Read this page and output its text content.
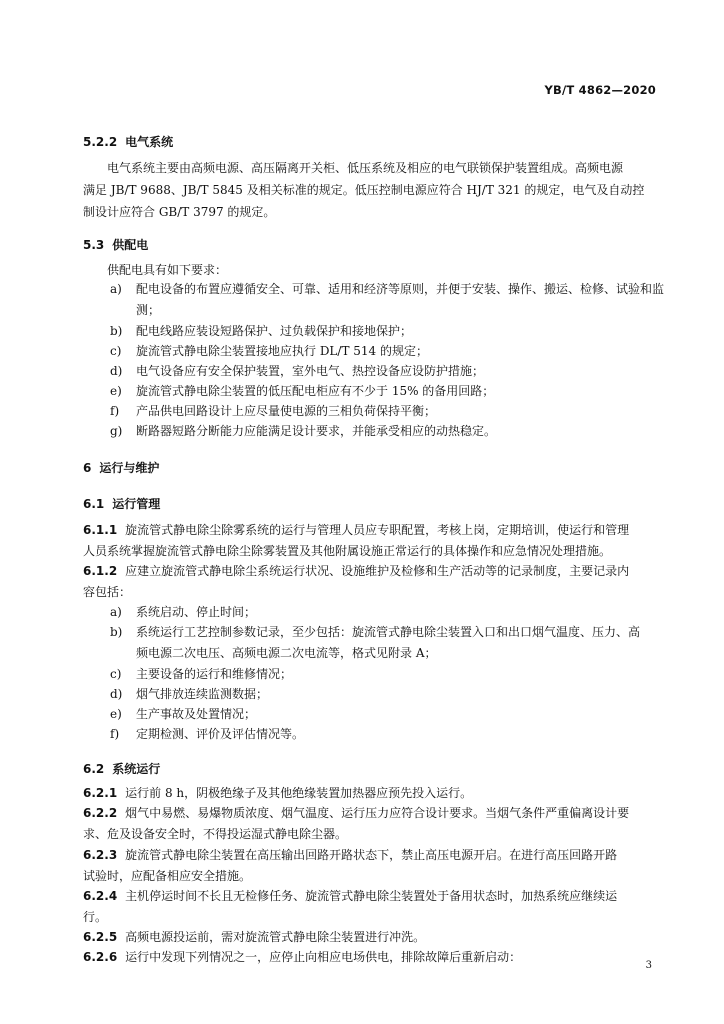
YB/T 4862—2020
5.2.2 电气系统
电气系统主要由高频电源、高压隔离开关柜、低压系统及相应的电气联锁保护装置组成。高频电源
满足 JB/T 9688、JB/T 5845 及相关标准的规定。低压控制电源应符合 HJ/T 321 的规定，电气及自动控
制设计应符合 GB/T 3797 的规定。
5.3 供配电
供配电具有如下要求：
a) 配电设备的布置应遵循安全、可靠、适用和经济等原则，并便于安装、操作、搬运、检修、试验和监
测；
b) 配电线路应装设短路保护、过负载保护和接地保护；
c) 旋流管式静电除尘装置接地应执行 DL/T 514 的规定；
d) 电气设备应有安全保护装置，室外电气、热控设备应设防护措施；
e) 旋流管式静电除尘装置的低压配电柜应有不少于 15% 的备用回路；
f) 产品供电回路设计上应尽量使电源的三相负荷保持平衡；
g) 断路器短路分断能力应能满足设计要求，并能承受相应的动热稳定。
6 运行与维护
6.1 运行管理
6.1.1 旋流管式静电除尘除雾系统的运行与管理人员应专职配置，考核上岗，定期培训，使运行和管理
人员系统掌握旋流管式静电除尘除雾装置及其他附属设施正常运行的具体操作和应急情况处理措施。
6.1.2 应建立旋流管式静电除尘系统运行状况、设施维护及检修和生产活动等的记录制度，主要记录内
容包括：
a) 系统启动、停止时间；
b) 系统运行工艺控制参数记录，至少包括：旋流管式静电除尘装置入口和出口烟气温度、压力、高
频电源二次电压、高频电源二次电流等，格式见附录 A；
c) 主要设备的运行和维修情况；
d) 烟气排放连续监测数据；
e) 生产事故及处置情况；
f) 定期检测、评价及评估情况等。
6.2 系统运行
6.2.1 运行前 8 h，阴极绝缘子及其他绝缘装置加热器应预先投入运行。
6.2.2 烟气中易燃、易爆物质浓度、烟气温度、运行压力应符合设计要求。当烟气条件严重偏离设计要
求、危及设备安全时，不得投运湿式静电除尘器。
6.2.3 旋流管式静电除尘装置在高压输出回路开路状态下，禁止高压电源开启。在进行高压回路开路
试验时，应配备相应安全措施。
6.2.4 主机停运时间不长且无检修任务、旋流管式静电除尘装置处于备用状态时，加热系统应继续运
行。
6.2.5 高频电源投运前，需对旋流管式静电除尘装置进行冲洗。
6.2.6 运行中发现下列情况之一，应停止向相应电场供电，排除故障后重新启动：
3
